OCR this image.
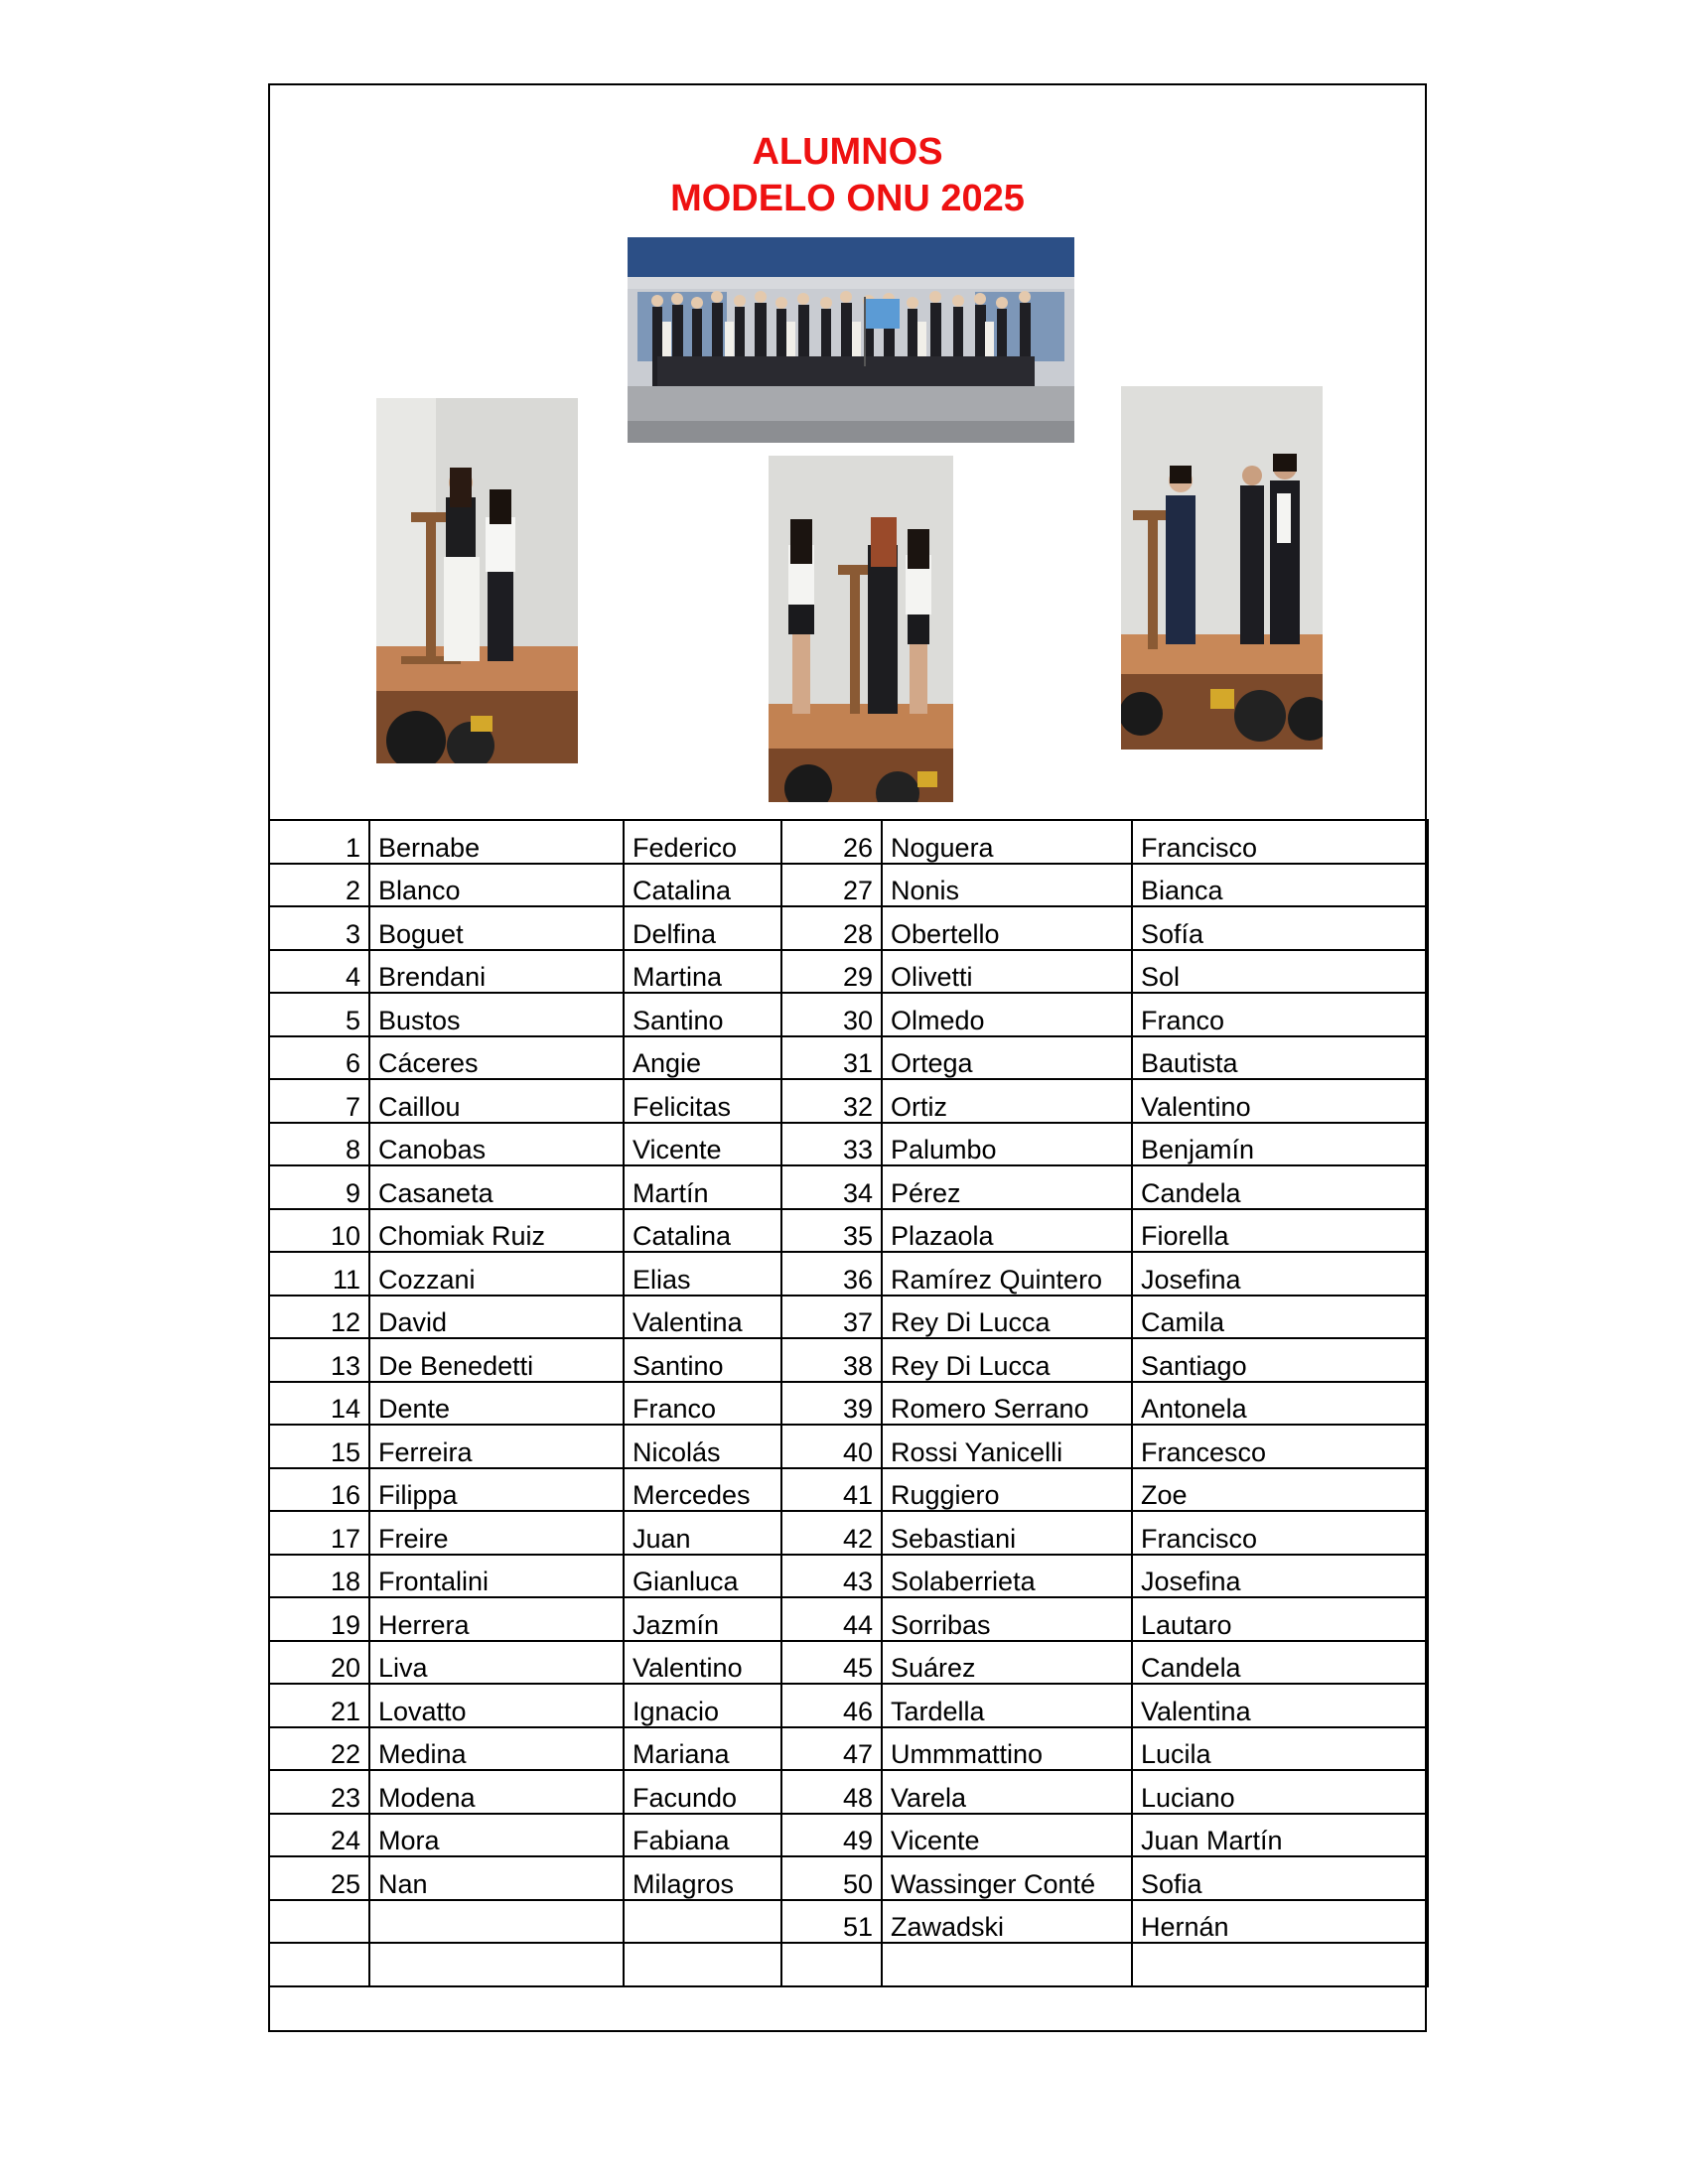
ALUMNOS
MODELO ONU 2025
1	Bernabe	Federico	26	Noguera	Francisco
2	Blanco	Catalina	27	Nonis	Bianca
3	Boguet	Delfina	28	Obertello	Sofía
4	Brendani	Martina	29	Olivetti	Sol
5	Bustos	Santino	30	Olmedo	Franco
6	Cáceres	Angie	31	Ortega	Bautista
7	Caillou	Felicitas	32	Ortiz	Valentino
8	Canobas	Vicente	33	Palumbo	Benjamín
9	Casaneta	Martín	34	Pérez	Candela
10	Chomiak Ruiz	Catalina	35	Plazaola	Fiorella
11	Cozzani	Elias	36	Ramírez Quintero	Josefina
12	David	Valentina	37	Rey Di Lucca	Camila
13	De Benedetti	Santino	38	Rey Di Lucca	Santiago
14	Dente	Franco	39	Romero Serrano	Antonela
15	Ferreira	Nicolás	40	Rossi Yanicelli	Francesco
16	Filippa	Mercedes	41	Ruggiero	Zoe
17	Freire	Juan	42	Sebastiani	Francisco
18	Frontalini	Gianluca	43	Solaberrieta	Josefina
19	Herrera	Jazmín	44	Sorribas	Lautaro
20	Liva	Valentino	45	Suárez	Candela
21	Lovatto	Ignacio	46	Tardella	Valentina
22	Medina	Mariana	47	Ummmattino	Lucila
23	Modena	Facundo	48	Varela	Luciano
24	Mora	Fabiana	49	Vicente	Juan Martín
25	Nan	Milagros	50	Wassinger Conté	Sofia
			51	Zawadski	Hernán
